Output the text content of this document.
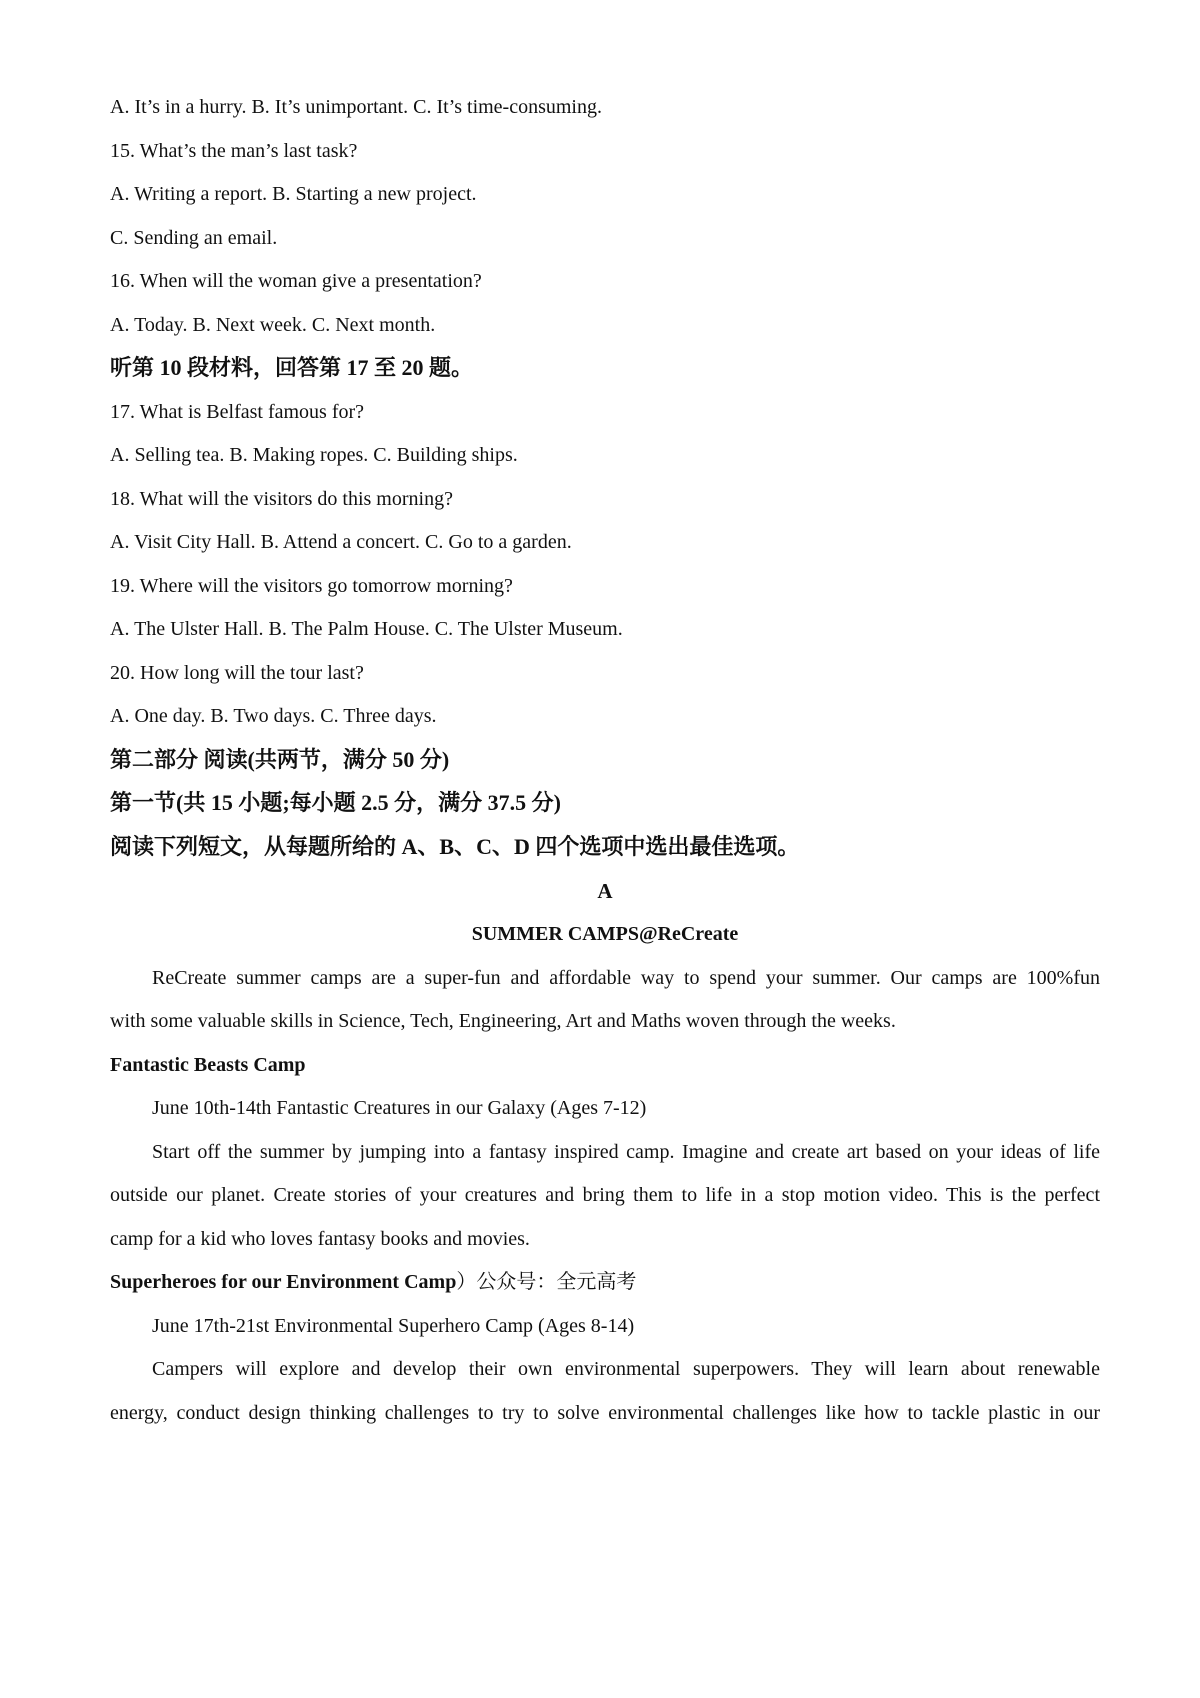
A. It’s in a hurry. B. It’s unimportant. C. It’s time-consuming.
15. What’s the man’s last task?
A. Writing a report. B. Starting a new project.
C. Sending an email.
16. When will the woman give a presentation?
A. Today. B. Next week. C. Next month.
听第 10 段材料，回答第 17 至 20 题。
17. What is Belfast famous for?
A. Selling tea. B. Making ropes. C. Building ships.
18. What will the visitors do this morning?
A. Visit City Hall. B. Attend a concert. C. Go to a garden.
19. Where will the visitors go tomorrow morning?
A. The Ulster Hall. B. The Palm House. C. The Ulster Museum.
20. How long will the tour last?
A. One day. B. Two days. C. Three days.
第二部分 阅读(共两节，满分 50 分)
第一节(共 15 小题;每小题 2.5 分，满分 37.5 分)
阅读下列短文，从每题所给的 A、B、C、D 四个选项中选出最佳选项。
A
SUMMER CAMPS@ReCreate
ReCreate summer camps are a super-fun and affordable way to spend your summer. Our camps are 100%fun
with some valuable skills in Science, Tech, Engineering, Art and Maths woven through the weeks.
Fantastic Beasts Camp
June 10th-14th Fantastic Creatures in our Galaxy (Ages 7-12)
Start off the summer by jumping into a fantasy inspired camp. Imagine and create art based on your ideas of life
outside our planet. Create stories of your creatures and bring them to life in a stop motion video. This is the perfect
camp for a kid who loves fantasy books and movies.
Superheroes for our Environment Camp）公众号：全元高考
June 17th-21st Environmental Superhero Camp (Ages 8-14)
Campers will explore and develop their own environmental superpowers. They will learn about renewable
energy, conduct design thinking challenges to try to solve environmental challenges like how to tackle plastic in our
